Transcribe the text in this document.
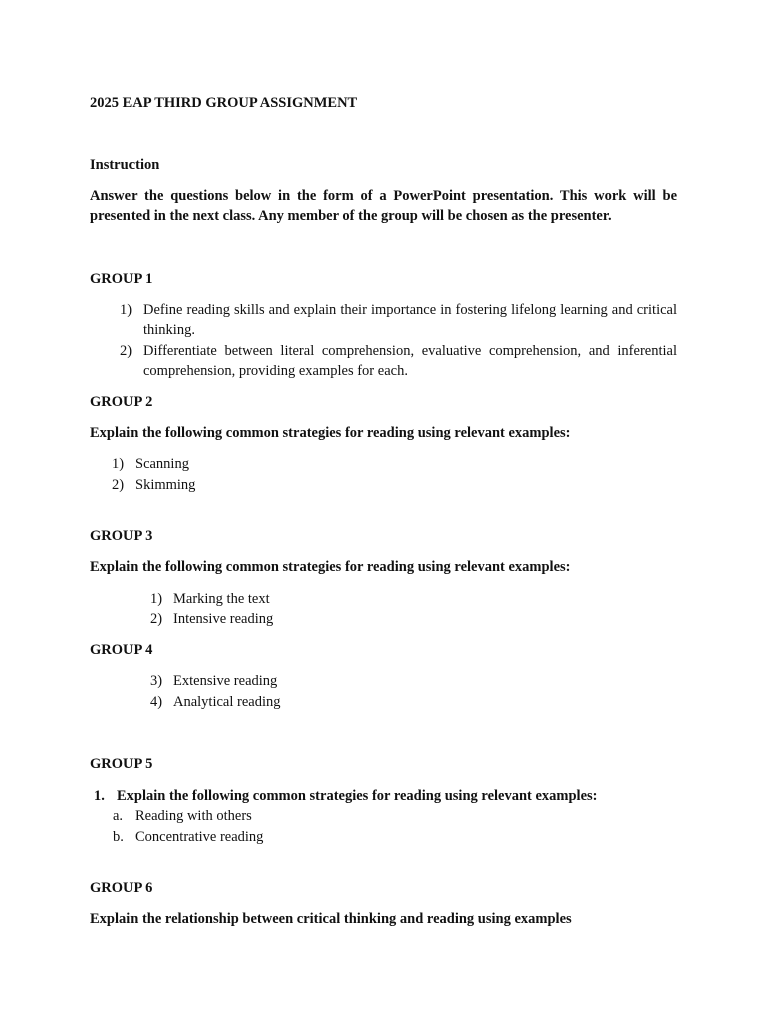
2025 EAP THIRD GROUP ASSIGNMENT
Instruction
Answer the questions below in the form of a PowerPoint presentation. This work will be presented in the next class. Any member of the group will be chosen as the presenter.
GROUP 1
1) Define reading skills and explain their importance in fostering lifelong learning and critical thinking.
2) Differentiate between literal comprehension, evaluative comprehension, and inferential comprehension, providing examples for each.
GROUP 2
Explain the following common strategies for reading using relevant examples:
1) Scanning
2) Skimming
GROUP 3
Explain the following common strategies for reading using relevant examples:
1) Marking the text
2) Intensive reading
GROUP 4
3) Extensive reading
4) Analytical reading
GROUP 5
1. Explain the following common strategies for reading using relevant examples:
a. Reading with others
b. Concentrative reading
GROUP 6
Explain the relationship between critical thinking and reading using examples
